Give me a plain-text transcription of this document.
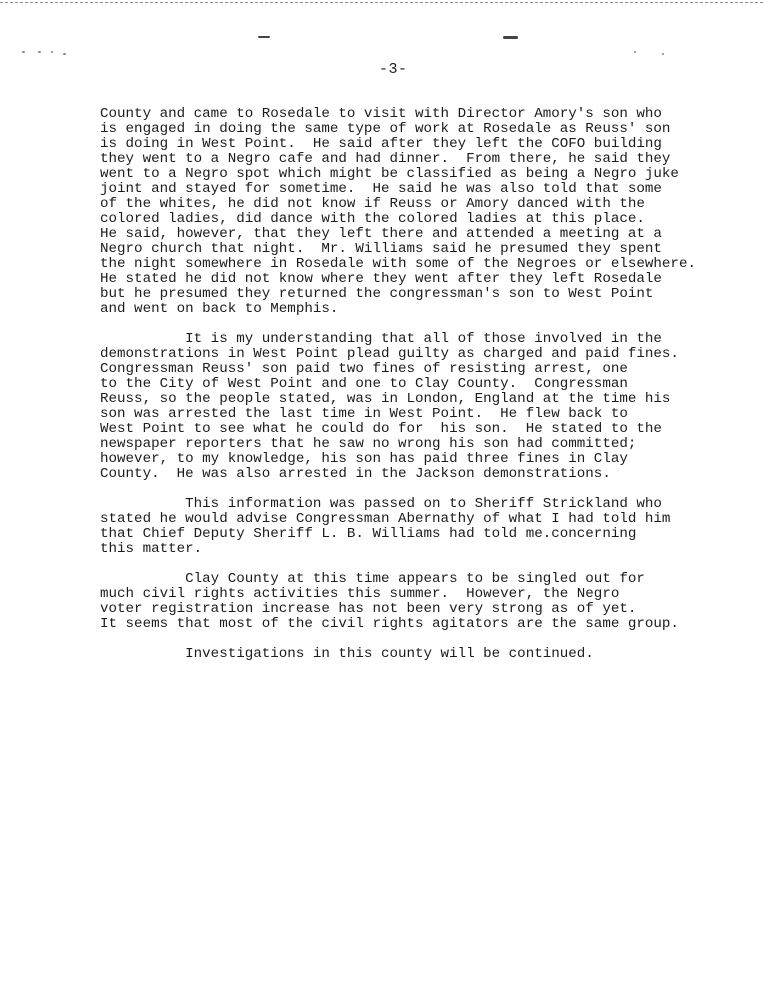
-3-
County and came to Rosedale to visit with Director Amory's son who
is engaged in doing the same type of work at Rosedale as Reuss' son
is doing in West Point.  He said after they left the COFO building
they went to a Negro cafe and had dinner.  From there, he said they
went to a Negro spot which might be classified as being a Negro juke
joint and stayed for sometime.  He said he was also told that some
of the whites, he did not know if Reuss or Amory danced with the
colored ladies, did dance with the colored ladies at this place.
He said, however, that they left there and attended a meeting at a
Negro church that night.  Mr. Williams said he presumed they spent
the night somewhere in Rosedale with some of the Negroes or elsewhere.
He stated he did not know where they went after they left Rosedale
but he presumed they returned the congressman's son to West Point
and went on back to Memphis.
It is my understanding that all of those involved in the
demonstrations in West Point plead guilty as charged and paid fines.
Congressman Reuss' son paid two fines of resisting arrest, one
to the City of West Point and one to Clay County.  Congressman
Reuss, so the people stated, was in London, England at the time his
son was arrested the last time in West Point.  He flew back to
West Point to see what he could do for  his son.  He stated to the
newspaper reporters that he saw no wrong his son had committed;
however, to my knowledge, his son has paid three fines in Clay
County.  He was also arrested in the Jackson demonstrations.
This information was passed on to Sheriff Strickland who
stated he would advise Congressman Abernathy of what I had told him
that Chief Deputy Sheriff L. B. Williams had told me.concerning
this matter.
Clay County at this time appears to be singled out for
much civil rights activities this summer.  However, the Negro
voter registration increase has not been very strong as of yet.
It seems that most of the civil rights agitators are the same group.
Investigations in this county will be continued.
